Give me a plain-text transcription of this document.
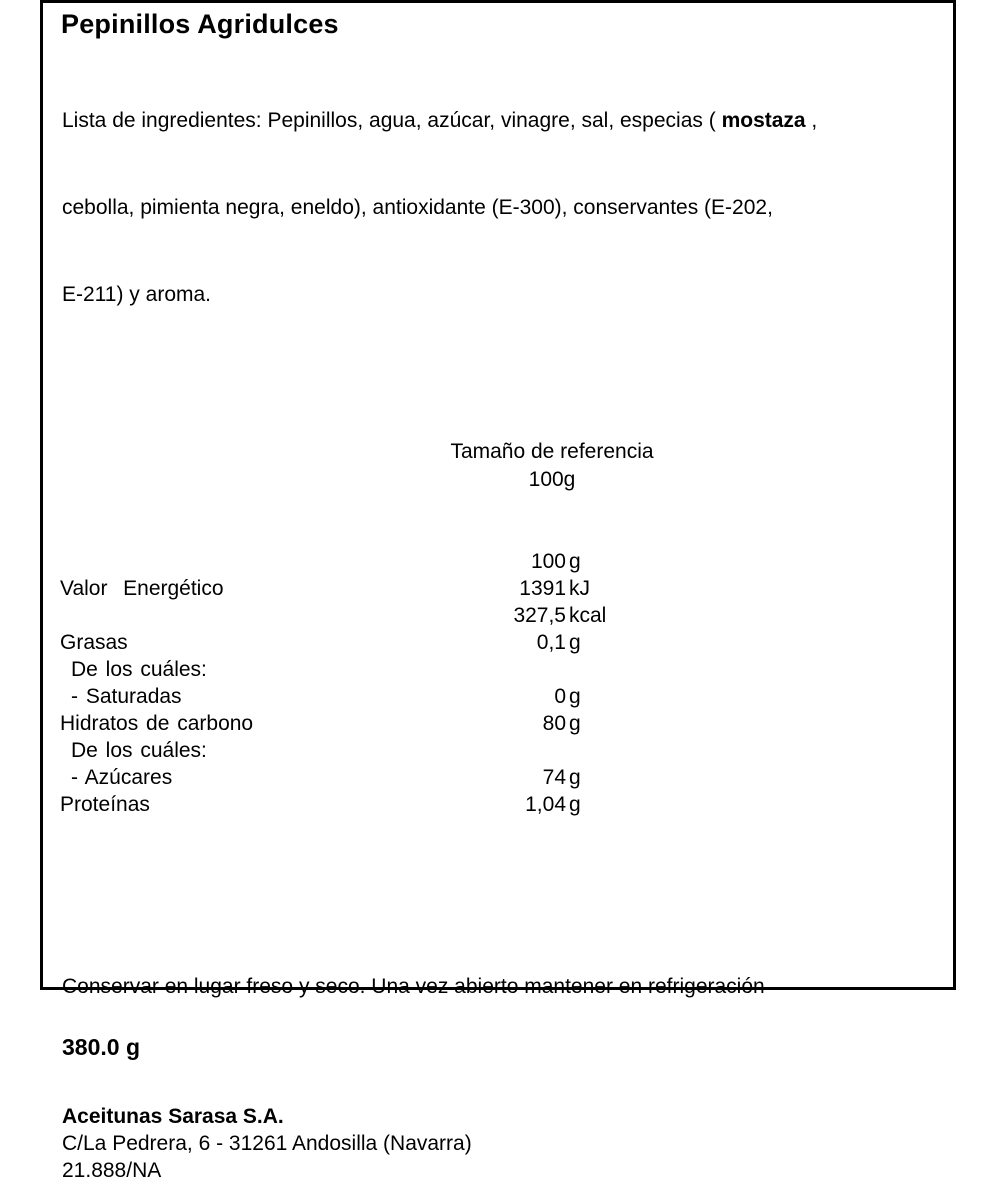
Pepinillos Agridulces

Lista de ingredientes: Pepinillos, agua, azúcar, vinagre, sal, especias ( mostaza ,

cebolla, pimienta negra, eneldo), antioxidante (E-300), conservantes (E-202,

E-211) y aroma.

Tamaño de referencia
100g
100 g
Valor  Energético	1391 kJ
327,5 kcal
Grasas	0,1 g
De los cuáles:
- Saturadas	0 g
Hidratos de carbono	80 g
De los cuáles:
- Azúcares	74 g
Proteínas	1,04 g
Conservar en lugar freso y seco. Una vez abierto mantener en refrigeración
380.0 g
Aceitunas Sarasa S.A.
C/La Pedrera, 6 - 31261 Andosilla (Navarra)
21.888/NA
